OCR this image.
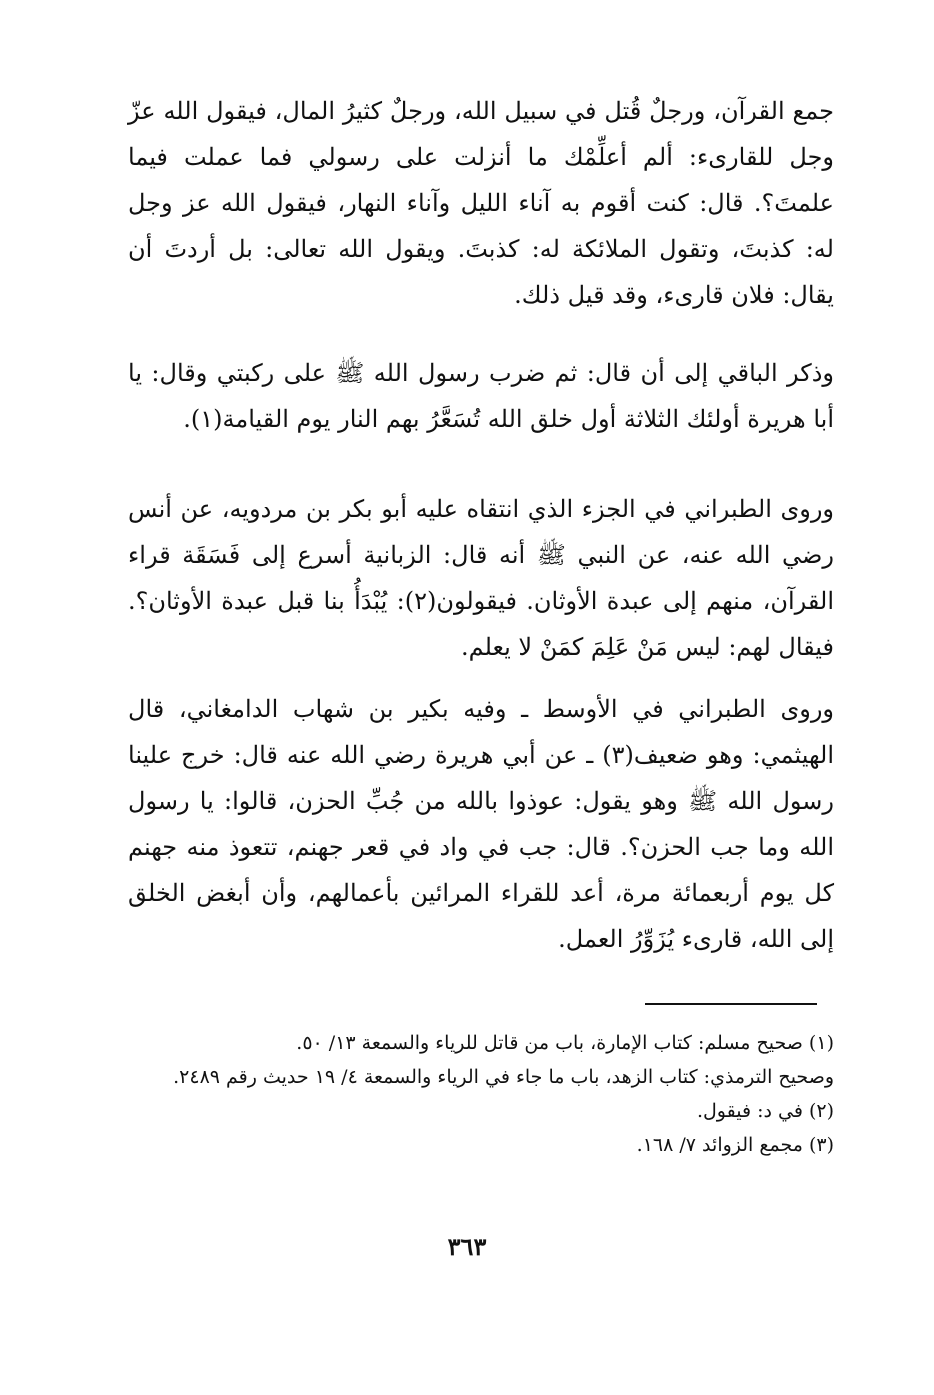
جمع القرآن، ورجلٌ قُتل في سبيل الله، ورجلٌ كثيرُ المال، فيقول الله عزّ وجل للقارىء: ألم أعلِّمْك ما أنزلت على رسولي فما عملت فيما علمتَ؟. قال: كنت أقوم به آناء الليل وآناء النهار، فيقول الله عز وجل له: كذبتَ، وتقول الملائكة له: كذبتَ. ويقول الله تعالى: بل أردتَ أن يقال: فلان قارىء، وقد قيل ذلك.

وذكر الباقي إلى أن قال: ثم ضرب رسول الله ﷺ على ركبتي وقال: يا أبا هريرة أولئك الثلاثة أول خلق الله تُسَعَّرُ بهم النار يوم القيامة(١).

وروى الطبراني في الجزء الذي انتقاه عليه أبو بكر بن مردويه، عن أنس رضي الله عنه، عن النبي ﷺ أنه قال: الزبانية أسرع إلى فَسَقَة قراء القرآن، منهم إلى عبدة الأوثان. فيقولون(٢): يُبْدَأُ بنا قبل عبدة الأوثان؟. فيقال لهم: ليس مَنْ عَلِمَ كمَنْ لا يعلم.

وروى الطبراني في الأوسط ـ وفيه بكير بن شهاب الدامغاني، قال الهيثمي: وهو ضعيف(٣) ـ عن أبي هريرة رضي الله عنه قال: خرج علينا رسول الله ﷺ وهو يقول: عوذوا بالله من جُبِّ الحزن، قالوا: يا رسول الله وما جب الحزن؟. قال: جب في واد في قعر جهنم، تتعوذ منه جهنم كل يوم أربعمائة مرة، أعد للقراء المرائين بأعمالهم، وأن أبغض الخلق إلى الله، قارىء يُزَوِّرُ العمل.

(١) صحيح مسلم: كتاب الإمارة، باب من قاتل للرياء والسمعة ١٣/ ٥٠.

وصحيح الترمذي: كتاب الزهد، باب ما جاء في الرياء والسمعة ٤/ ١٩ حديث رقم ٢٤٨٩.

(٢) في د: فيقول.

(٣) مجمع الزوائد ٧/ ١٦٨.

٣٦٣
